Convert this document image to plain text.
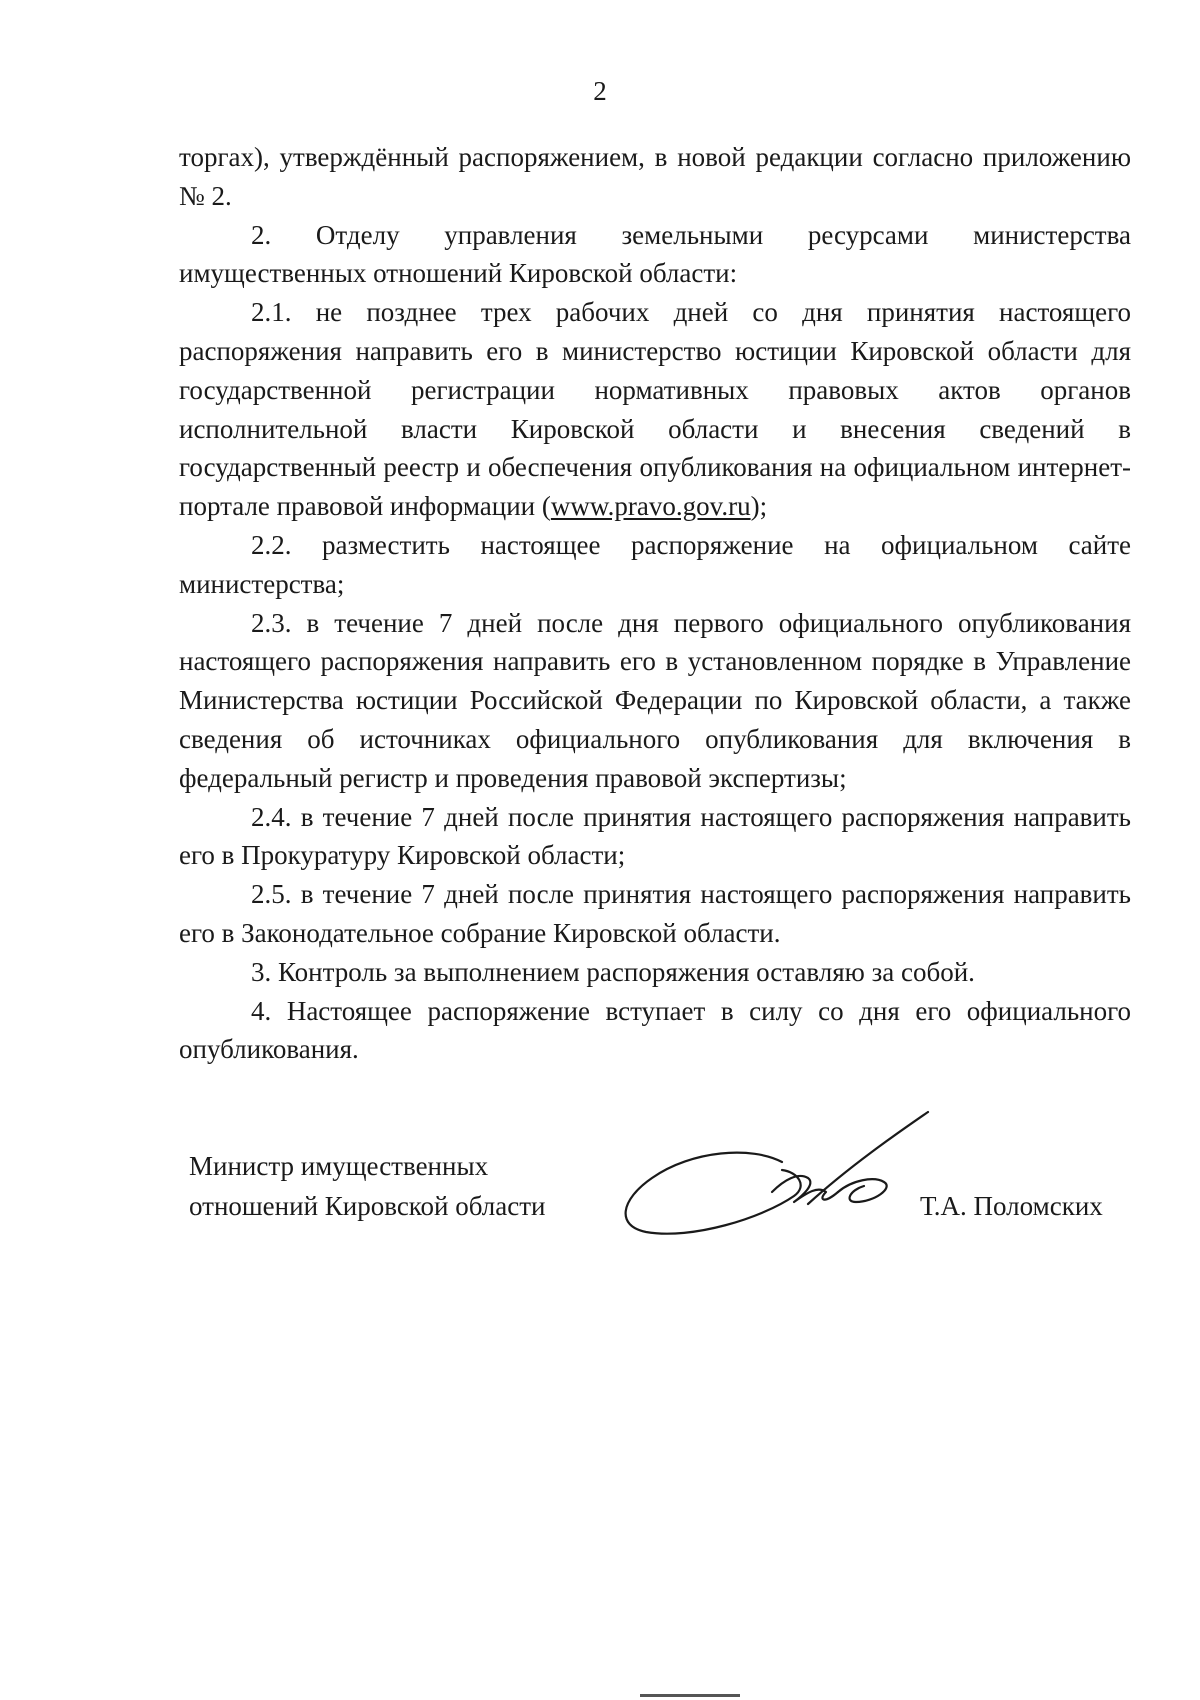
2

торгах), утверждённый распоряжением, в новой редакции согласно приложению № 2.

2. Отделу управления земельными ресурсами министерства имущественных отношений Кировской области:

2.1. не позднее трех рабочих дней со дня принятия настоящего распоряжения направить его в министерство юстиции Кировской области для государственной регистрации нормативных правовых актов органов исполнительной власти Кировской области и внесения сведений в государственный реестр и обеспечения опубликования на официальном интернет-портале правовой информации (www.pravo.gov.ru);

2.2. разместить настоящее распоряжение на официальном сайте министерства;

2.3. в течение 7 дней после дня первого официального опубликования настоящего распоряжения направить его в установленном порядке в Управление Министерства юстиции Российской Федерации по Кировской области, а также сведения об источниках официального опубликования для включения в федеральный регистр и проведения правовой экспертизы;

2.4. в течение 7 дней после принятия настоящего распоряжения направить его в Прокуратуру Кировской области;

2.5. в течение 7 дней после принятия настоящего распоряжения направить его в Законодательное собрание Кировской области.

3. Контроль за выполнением распоряжения оставляю за собой.

4. Настоящее распоряжение вступает в силу со дня его официального опубликования.

Министр имущественных
отношений Кировской области	Т.А. Поломских
